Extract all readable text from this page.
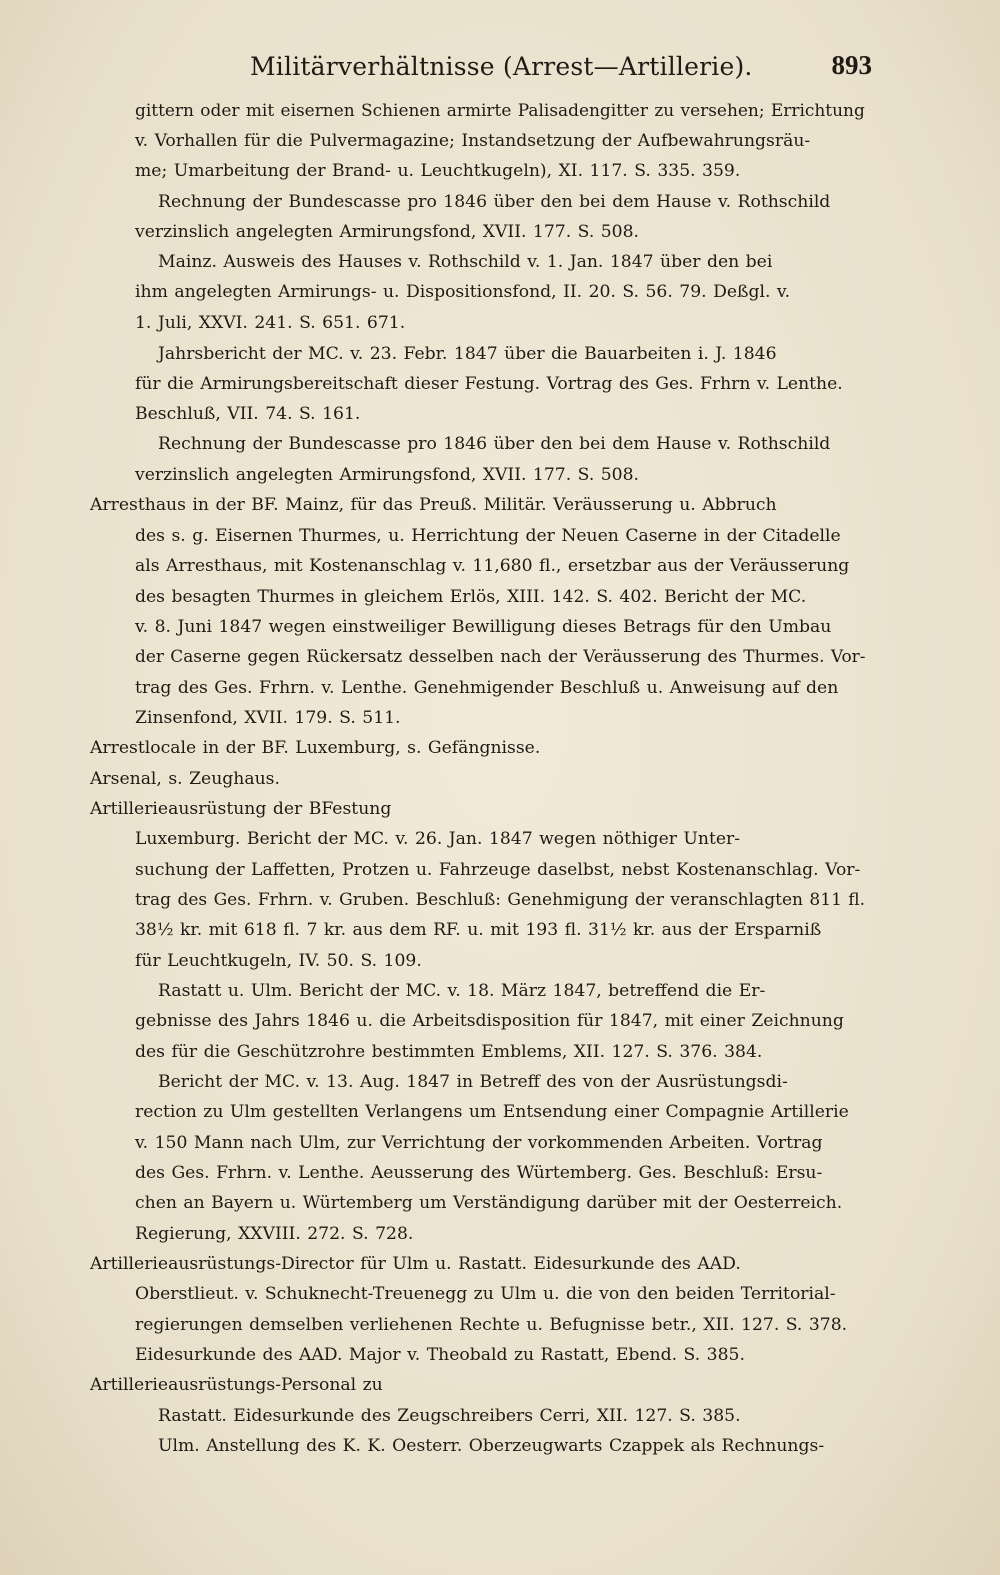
Militärverhältnisse (Arrest—Artillerie).	893
gittern oder mit eisernen Schienen armirte Palisadengitter zu versehen; Errichtung
v. Vorhallen für die Pulvermagazine; Instandsetzung der Aufbewahrungsräu-
me; Umarbeitung der Brand- u. Leuchtkugeln), XI. 117. S. 335. 359.
Rechnung der Bundescasse pro 1846 über den bei dem Hause v. Rothschild
verzinslich angelegten Armirungsfond, XVII. 177. S. 508.
Mainz. Ausweis des Hauses v. Rothschild v. 1. Jan. 1847 über den bei
ihm angelegten Armirungs- u. Dispositionsfond, II. 20. S. 56. 79. Deßgl. v.
1. Juli, XXVI. 241. S. 651. 671.
Jahrsbericht der MC. v. 23. Febr. 1847 über die Bauarbeiten i. J. 1846
für die Armirungsbereitschaft dieser Festung. Vortrag des Ges. Frhrn v. Lenthe.
Beschluß, VII. 74. S. 161.
Rechnung der Bundescasse pro 1846 über den bei dem Hause v. Rothschild
verzinslich angelegten Armirungsfond, XVII. 177. S. 508.
Arresthaus in der BF. Mainz, für das Preuß. Militär. Veräusserung u. Abbruch
des s. g. Eisernen Thurmes, u. Herrichtung der Neuen Caserne in der Citadelle
als Arresthaus, mit Kostenanschlag v. 11,680 fl., ersetzbar aus der Veräusserung
des besagten Thurmes in gleichem Erlös, XIII. 142. S. 402. Bericht der MC.
v. 8. Juni 1847 wegen einstweiliger Bewilligung dieses Betrags für den Umbau
der Caserne gegen Rückersatz desselben nach der Veräusserung des Thurmes. Vor-
trag des Ges. Frhrn. v. Lenthe. Genehmigender Beschluß u. Anweisung auf den
Zinsenfond, XVII. 179. S. 511.
Arrestlocale in der BF. Luxemburg, s. Gefängnisse.
Arsenal, s. Zeughaus.
Artillerieausrüstung der BFestung
Luxemburg. Bericht der MC. v. 26. Jan. 1847 wegen nöthiger Unter-
suchung der Laffetten, Protzen u. Fahrzeuge daselbst, nebst Kostenanschlag. Vor-
trag des Ges. Frhrn. v. Gruben. Beschluß: Genehmigung der veranschlagten 811 fl.
38½ kr. mit 618 fl. 7 kr. aus dem RF. u. mit 193 fl. 31½ kr. aus der Ersparniß
für Leuchtkugeln, IV. 50. S. 109.
Rastatt u. Ulm. Bericht der MC. v. 18. März 1847, betreffend die Er-
gebnisse des Jahrs 1846 u. die Arbeitsdisposition für 1847, mit einer Zeichnung
des für die Geschützrohre bestimmten Emblems, XII. 127. S. 376. 384.
Bericht der MC. v. 13. Aug. 1847 in Betreff des von der Ausrüstungsdi-
rection zu Ulm gestellten Verlangens um Entsendung einer Compagnie Artillerie
v. 150 Mann nach Ulm, zur Verrichtung der vorkommenden Arbeiten. Vortrag
des Ges. Frhrn. v. Lenthe. Aeusserung des Würtemberg. Ges. Beschluß: Ersu-
chen an Bayern u. Würtemberg um Verständigung darüber mit der Oesterreich.
Regierung, XXVIII. 272. S. 728.
Artillerieausrüstungs-Director für Ulm u. Rastatt. Eidesurkunde des AAD.
Oberstlieut. v. Schuknecht-Treuenegg zu Ulm u. die von den beiden Territorial-
regierungen demselben verliehenen Rechte u. Befugnisse betr., XII. 127. S. 378.
Eidesurkunde des AAD. Major v. Theobald zu Rastatt, Ebend. S. 385.
Artillerieausrüstungs-Personal zu
Rastatt. Eidesurkunde des Zeugschreibers Cerri, XII. 127. S. 385.
Ulm. Anstellung des K. K. Oesterr. Oberzeugwarts Czappek als Rechnungs-
